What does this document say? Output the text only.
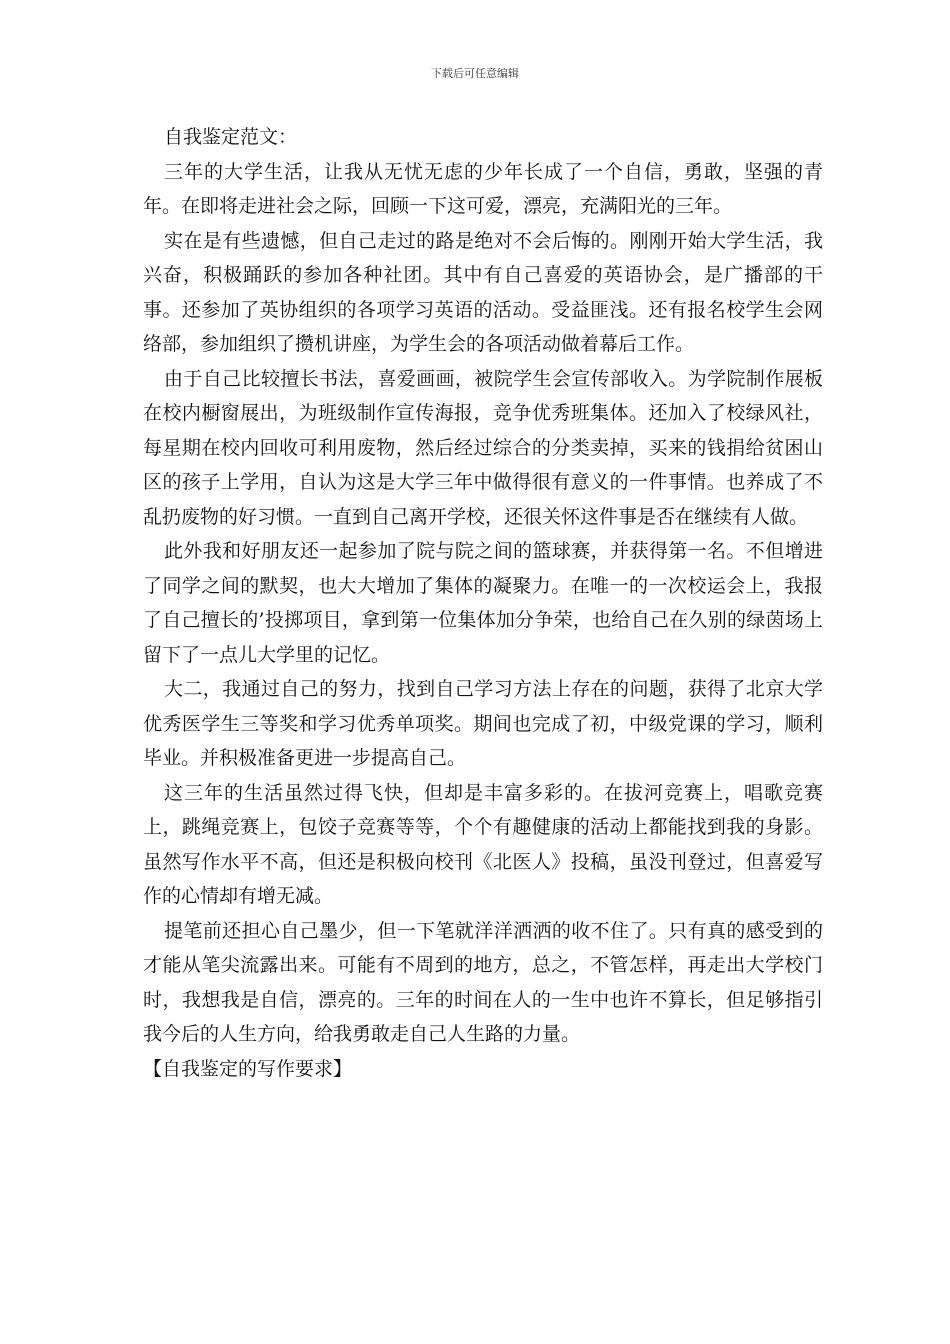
下载后可任意编辑

自我鉴定范文：

三年的大学生活，让我从无忧无虑的少年长成了一个自信，勇敢，坚强的青年。在即将走进社会之际，回顾一下这可爱，漂亮，充满阳光的三年。

实在是有些遗憾，但自己走过的路是绝对不会后悔的。刚刚开始大学生活，我兴奋，积极踊跃的参加各种社团。其中有自己喜爱的英语协会，是广播部的干事。还参加了英协组织的各项学习英语的活动。受益匪浅。还有报名校学生会网络部，参加组织了攒机讲座，为学生会的各项活动做着幕后工作。

由于自己比较擅长书法，喜爱画画，被院学生会宣传部收入。为学院制作展板在校内橱窗展出，为班级制作宣传海报，竞争优秀班集体。还加入了校绿风社，每星期在校内回收可利用废物，然后经过综合的分类卖掉，买来的钱捐给贫困山区的孩子上学用，自认为这是大学三年中做得很有意义的一件事情。也养成了不乱扔废物的好习惯。一直到自己离开学校，还很关怀这件事是否在继续有人做。

此外我和好朋友还一起参加了院与院之间的篮球赛，并获得第一名。不但增进了同学之间的默契，也大大增加了集体的凝聚力。在唯一的一次校运会上，我报了自己擅长的’投掷项目，拿到第一位集体加分争荣，也给自己在久别的绿茵场上留下了一点儿大学里的记忆。

大二，我通过自己的努力，找到自己学习方法上存在的问题，获得了北京大学优秀医学生三等奖和学习优秀单项奖。期间也完成了初，中级党课的学习，顺利毕业。并积极准备更进一步提高自己。

这三年的生活虽然过得飞快，但却是丰富多彩的。在拔河竞赛上，唱歌竞赛上，跳绳竞赛上，包饺子竞赛等等，个个有趣健康的活动上都能找到我的身影。虽然写作水平不高，但还是积极向校刊《北医人》投稿，虽没刊登过，但喜爱写作的心情却有增无减。

提笔前还担心自己墨少，但一下笔就洋洋洒洒的收不住了。只有真的感受到的才能从笔尖流露出来。可能有不周到的地方，总之，不管怎样，再走出大学校门时，我想我是自信，漂亮的。三年的时间在人的一生中也许不算长，但足够指引我今后的人生方向，给我勇敢走自己人生路的力量。

【自我鉴定的写作要求】
